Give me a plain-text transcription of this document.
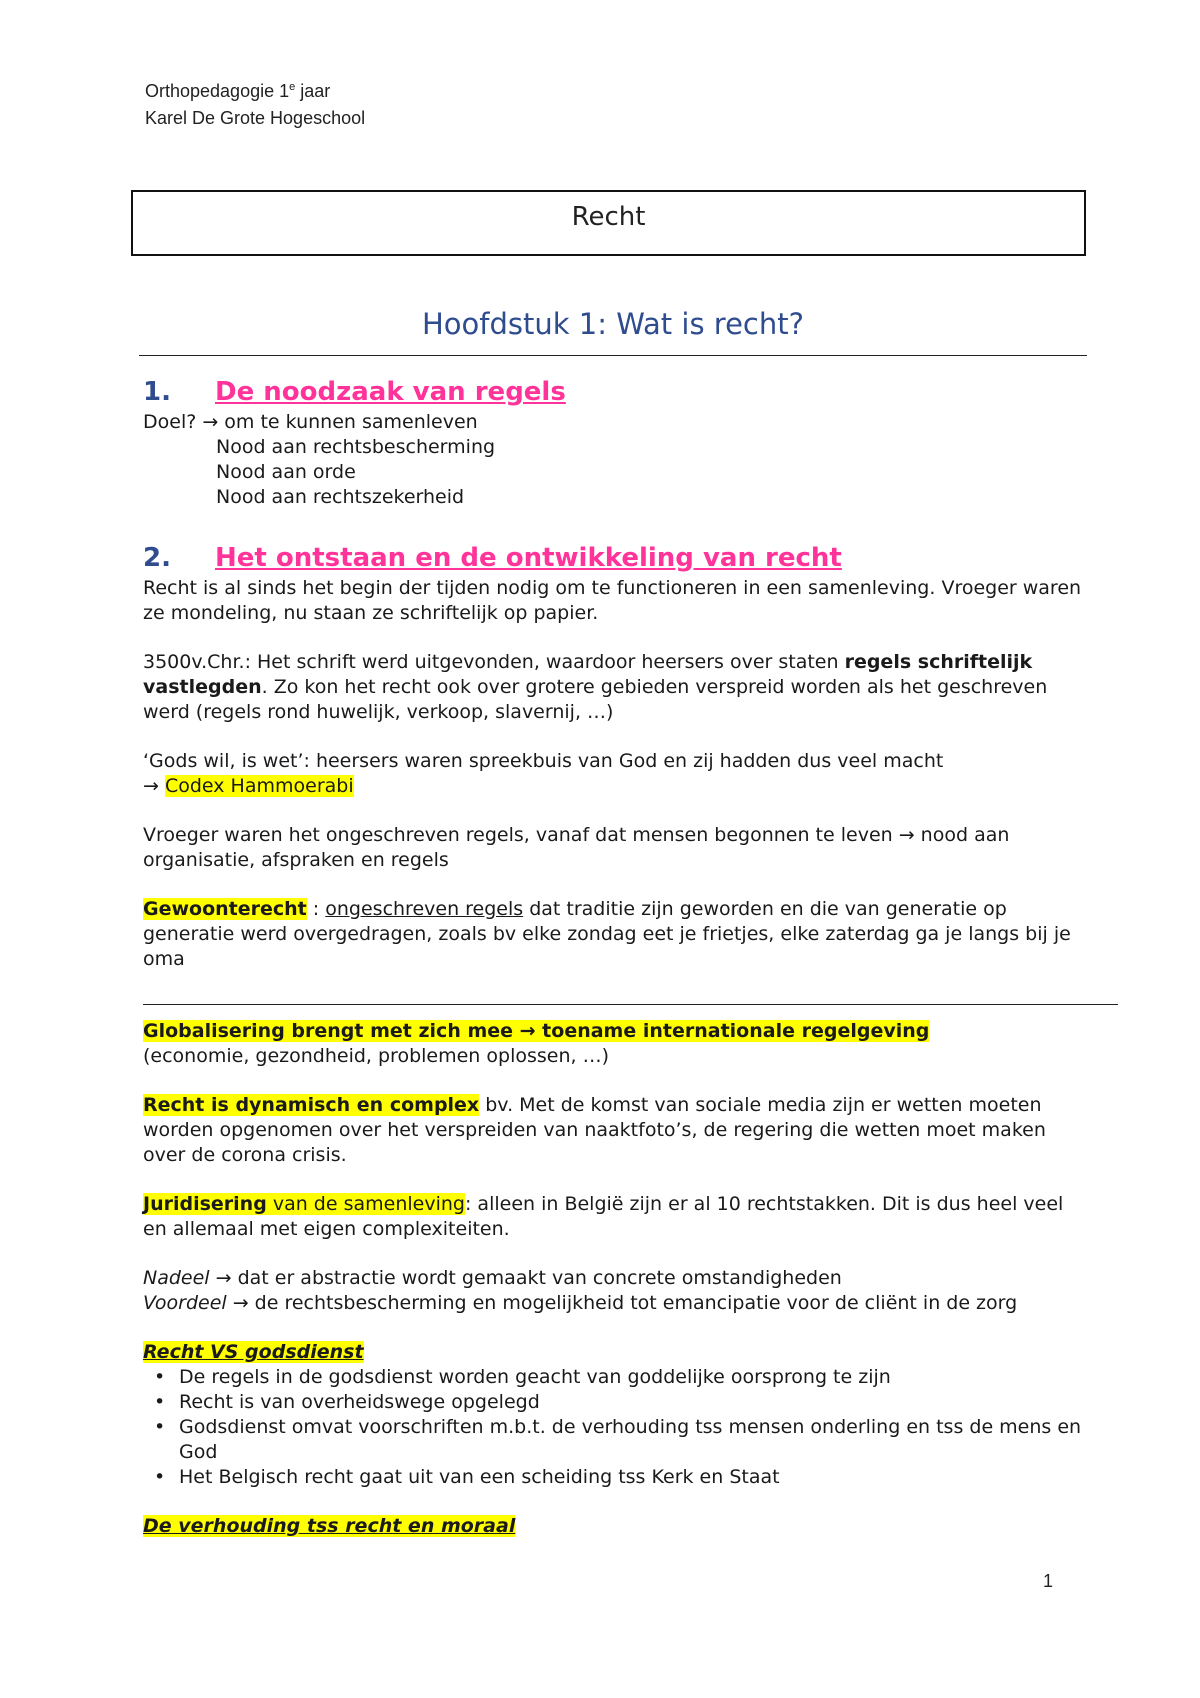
Orthopedagogie 1e jaar
Karel De Grote Hogeschool
Recht
Hoofdstuk 1: Wat is recht?

1. De noodzaak van regels

Doel? → om te kunnen samenleven

Nood aan rechtsbescherming

Nood aan orde

Nood aan rechtszekerheid

2. Het ontstaan en de ontwikkeling van recht

Recht is al sinds het begin der tijden nodig om te functioneren in een samenleving. Vroeger waren ze mondeling, nu staan ze schriftelijk op papier.

3500v.Chr.: Het schrift werd uitgevonden, waardoor heersers over staten regels schriftelijk vastlegden. Zo kon het recht ook over grotere gebieden verspreid worden als het geschreven werd (regels rond huwelijk, verkoop, slavernij, …)

‘Gods wil, is wet’: heersers waren spreekbuis van God en zij hadden dus veel macht

→ Codex Hammoerabi

Vroeger waren het ongeschreven regels, vanaf dat mensen begonnen te leven → nood aan organisatie, afspraken en regels

Gewoonterecht : ongeschreven regels dat traditie zijn geworden en die van generatie op generatie werd overgedragen, zoals bv elke zondag eet je frietjes, elke zaterdag ga je langs bij je oma

Globalisering brengt met zich mee → toename internationale regelgeving

(economie, gezondheid, problemen oplossen, …)

Recht is dynamisch en complex bv. Met de komst van sociale media zijn er wetten moeten worden opgenomen over het verspreiden van naaktfoto’s, de regering die wetten moet maken over de corona crisis.

Juridisering van de samenleving: alleen in België zijn er al 10 rechtstakken. Dit is dus heel veel en allemaal met eigen complexiteiten.

Nadeel → dat er abstractie wordt gemaakt van concrete omstandigheden

Voordeel → de rechtsbescherming en mogelijkheid tot emancipatie voor de cliënt in de zorg

Recht VS godsdienst

• De regels in de godsdienst worden geacht van goddelijke oorsprong te zijn
• Recht is van overheidswege opgelegd
• Godsdienst omvat voorschriften m.b.t. de verhouding tss mensen onderling en tss de mens en God
• Het Belgisch recht gaat uit van een scheiding tss Kerk en Staat

De verhouding tss recht en moraal

1
